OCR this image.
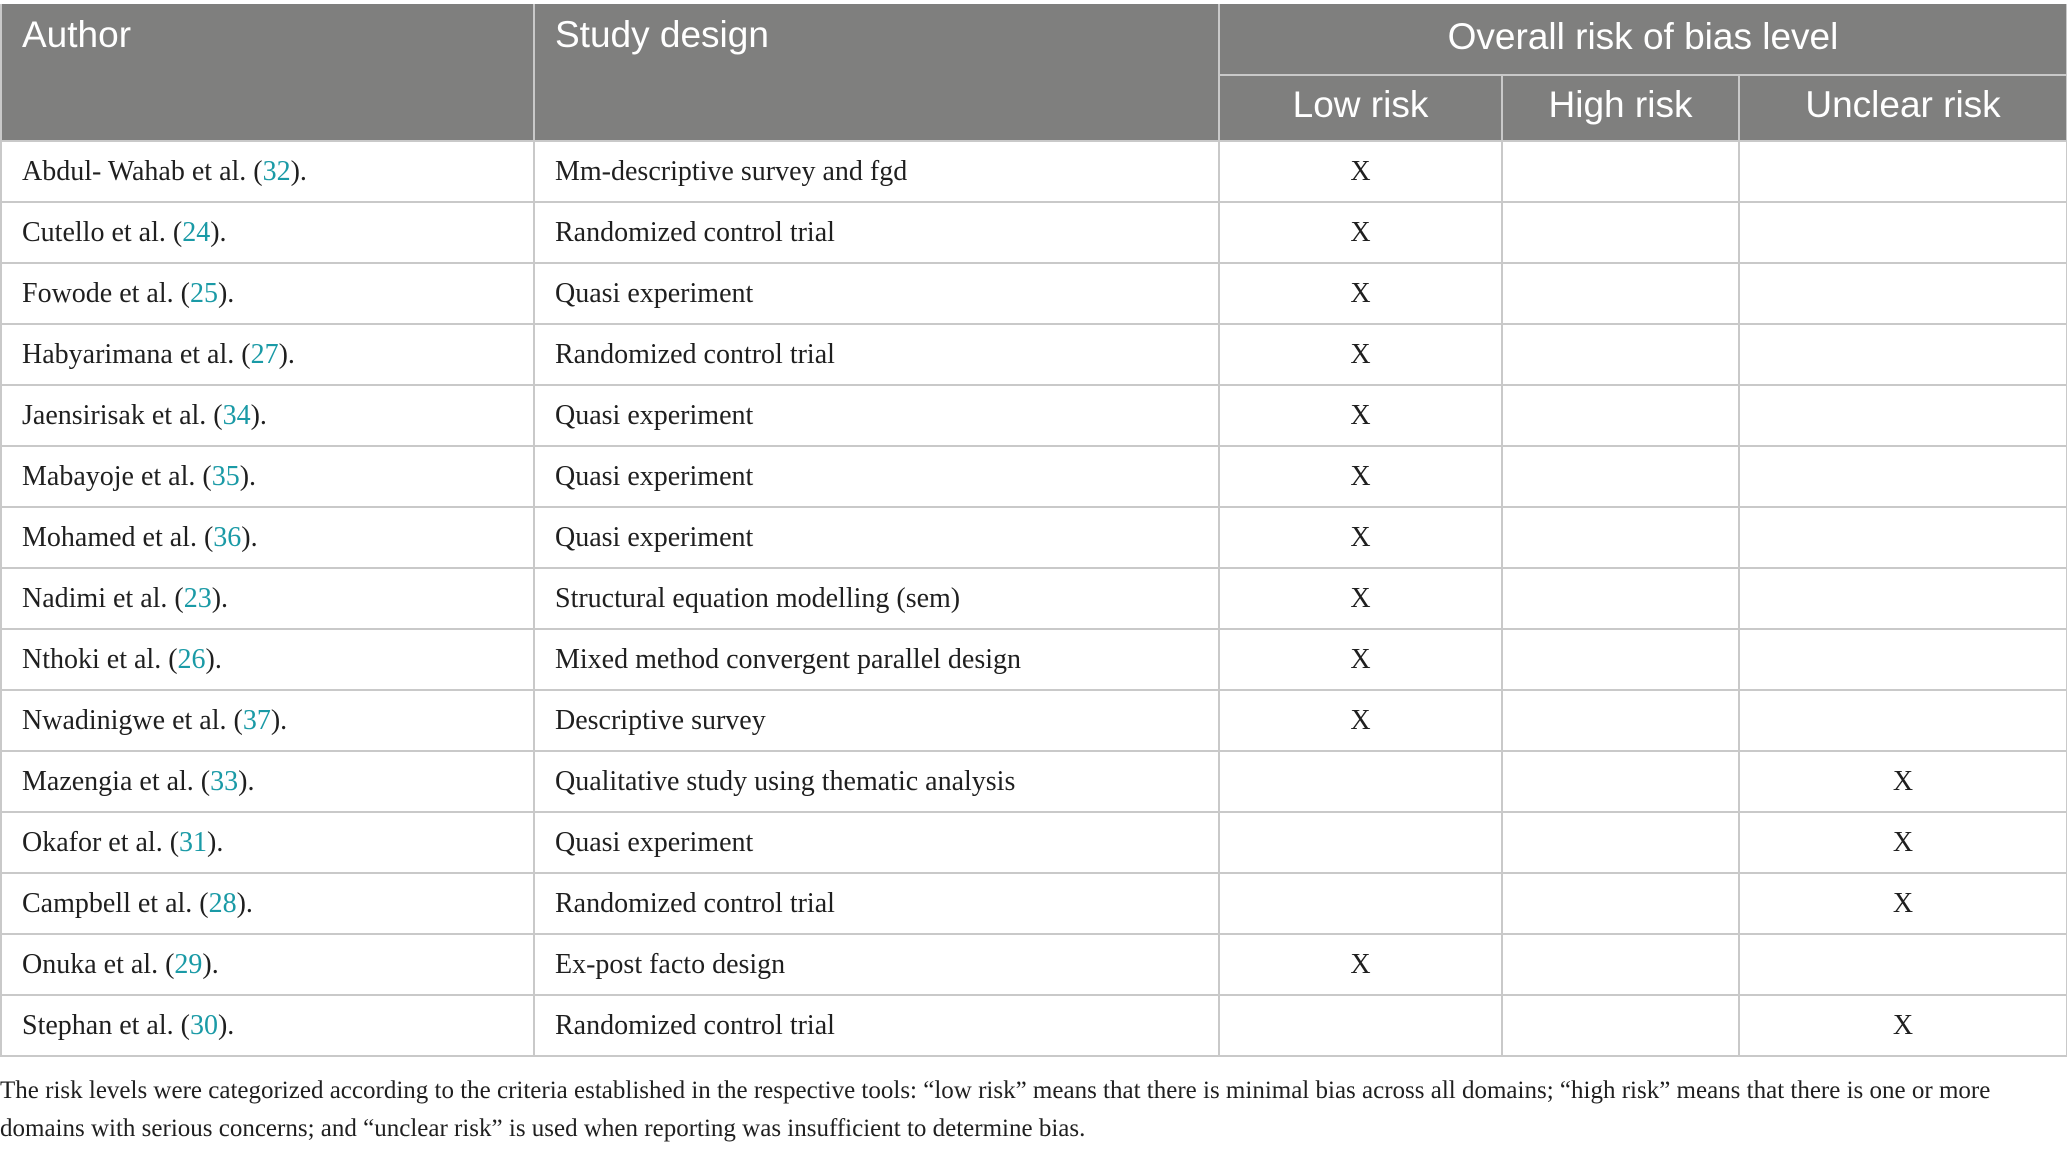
Author	Study design	Overall risk of bias level		
		Low risk	High risk	Unclear risk
Abdul- Wahab et al. (32).	Mm-descriptive survey and fgd	X		
Cutello et al. (24).	Randomized control trial	X		
Fowode et al. (25).	Quasi experiment	X		
Habyarimana et al. (27).	Randomized control trial	X		
Jaensirisak et al. (34).	Quasi experiment	X		
Mabayoje et al. (35).	Quasi experiment	X		
Mohamed et al. (36).	Quasi experiment	X		
Nadimi et al. (23).	Structural equation modelling (sem)	X		
Nthoki et al. (26).	Mixed method convergent parallel design	X		
Nwadinigwe et al. (37).	Descriptive survey	X		
Mazengia et al. (33).	Qualitative study using thematic analysis			X
Okafor et al. (31).	Quasi experiment			X
Campbell et al. (28).	Randomized control trial			X
Onuka et al. (29).	Ex-post facto design	X		
Stephan et al. (30).	Randomized control trial			X

The risk levels were categorized according to the criteria established in the respective tools: “low risk” means that there is minimal bias across all domains; “high risk” means that there is one or more domains with serious concerns; and “unclear risk” is used when reporting was insufficient to determine bias.
